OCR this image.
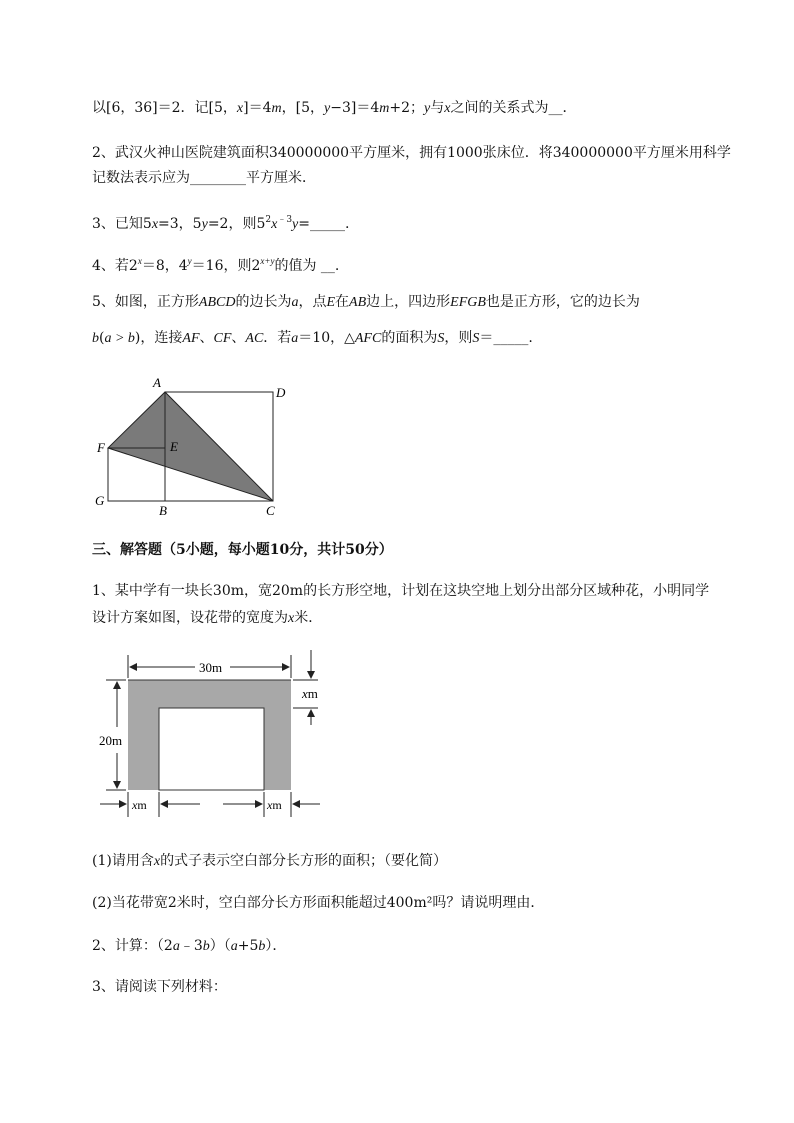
以[6，36]＝2．记[5，x]＝4m，[5，y−3]＝4m+2；y与x之间的关系式为__．
2、武汉火神山医院建筑面积340000000平方厘米，拥有1000张床位．将340000000平方厘米用科学
记数法表示应为________平方厘米．
3、已知5x=3，5y=2，则$5^2x^{﹣3}y=\_\_\_\_\_$.
4、若$2^x=8$，$4^y=16$，则$2^{x+y}$的值为 __.
5、如图，正方形ABCD的边长为a，点E在AB边上，四边形EFGB也是正方形，它的边长为
b(a > b)，连接AF、CF、AC．若a＝10，△AFC的面积为S，则S＝_____.
A
D
F	E
G
B	C
三、解答题（5小题，每小题10分，共计50分）
1、某中学有一块长30m，宽20m的长方形空地，计划在这块空地上划分出部分区域种花，小明同学
设计方案如图，设花带的宽度为x米．
30m
20m
xm
xm	xm
(1)请用含x的式子表示空白部分长方形的面积；（要化简）
(2)当花带宽2米时，空白部分长方形面积能超过400m²吗？请说明理由．
2、计算：（2a﹣3b）（a+5b）．
3、请阅读下列材料：
